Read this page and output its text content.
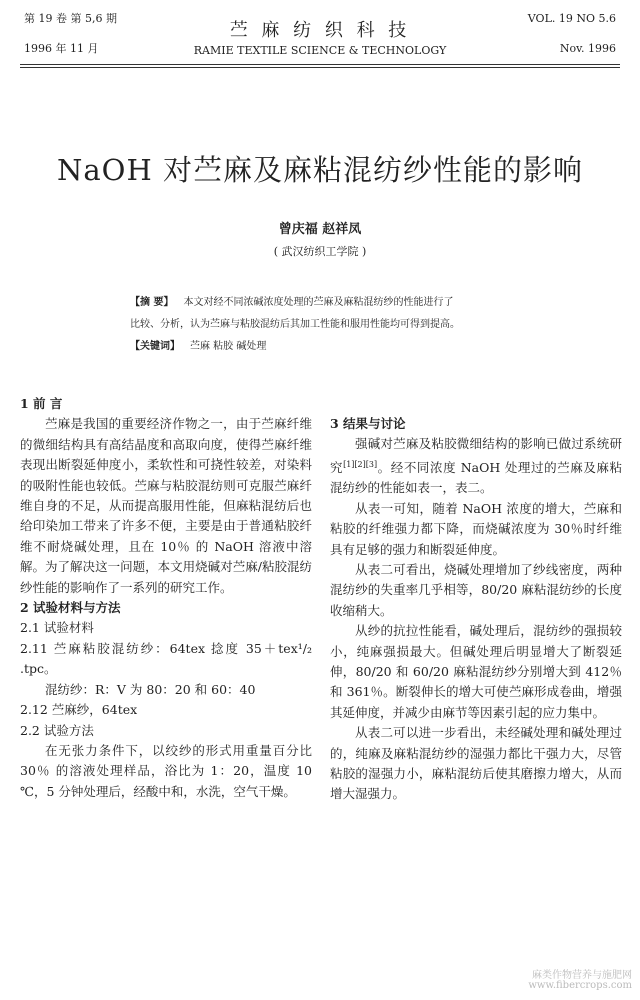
第 19 卷 第 5,6 期
1996 年 11 月
苎 麻 纺 织 科 技
RAMIE TEXTILE SCIENCE & TECHNOLOGY
VOL. 19 NO 5.6
Nov. 1996
NaOH 对苎麻及麻粘混纺纱性能的影响
曾庆福 赵祥凤
( 武汉纺织工学院 )
【摘 要】 本文对经不同浓碱浓度处理的苎麻及麻粘混纺纱的性能进行了
比较、分析，认为苎麻与粘胶混纺后其加工性能和服用性能均可得到提高。
【关键词】 苎麻 粘胶 碱处理

1 前 言

苎麻是我国的重要经济作物之一，由于苎麻纤维的微细结构具有高结晶度和高取向度，使得苎麻纤维表现出断裂延伸度小，柔软性和可挠性较差，对染料的吸附性能也较低。苎麻与粘胶混纺则可克服苎麻纤维自身的不足，从而提高服用性能，但麻粘混纺后也给印染加工带来了许多不便，主要是由于普通粘胶纤维不耐烧碱处理，且在 10％ 的 NaOH 溶液中溶解。为了解决这一问题，本文用烧碱对苎麻/粘胶混纺纱性能的影响作了一系列的研究工作。

2 试验材料与方法

2.1 试验材料

2.11 苎麻粘胶混纺纱：64tex 捻度 35＋tex¹/₂ .tpc。

混纺纱：R：V 为 80：20 和 60：40

2.12 苎麻纱，64tex

2.2 试验方法

在无张力条件下，以绞纱的形式用重量百分比 30％ 的溶液处理样品，浴比为 1：20，温度 10 ℃，5 分钟处理后，经酸中和，水洗，空气干燥。

3 结果与讨论

强碱对苎麻及粘胶微细结构的影响已做过系统研究[1][2][3]。经不同浓度 NaOH 处理过的苎麻及麻粘混纺纱的性能如表一，表二。

从表一可知，随着 NaOH 浓度的增大，苎麻和粘胶的纤维强力都下降，而烧碱浓度为 30％时纤维具有足够的强力和断裂延伸度。

从表二可看出，烧碱处理增加了纱线密度，两种混纺纱的失重率几乎相等，80/20 麻粘混纺纱的长度收缩稍大。

从纱的抗拉性能看，碱处理后，混纺纱的强损较小，纯麻强损最大。但碱处理后明显增大了断裂延伸，80/20 和 60/20 麻粘混纺纱分别增大到 412％ 和 361％。断裂伸长的增大可使苎麻形成卷曲，增强其延伸度，并减少由麻节等因素引起的应力集中。

从表二可以进一步看出，未经碱处理和碱处理过的，纯麻及麻粘混纺纱的湿强力都比干强力大，尽管粘胶的湿强力小，麻粘混纺后使其磨擦力增大，从而增大湿强力。

麻类作物营养与施肥网
www.fibercrops.com
